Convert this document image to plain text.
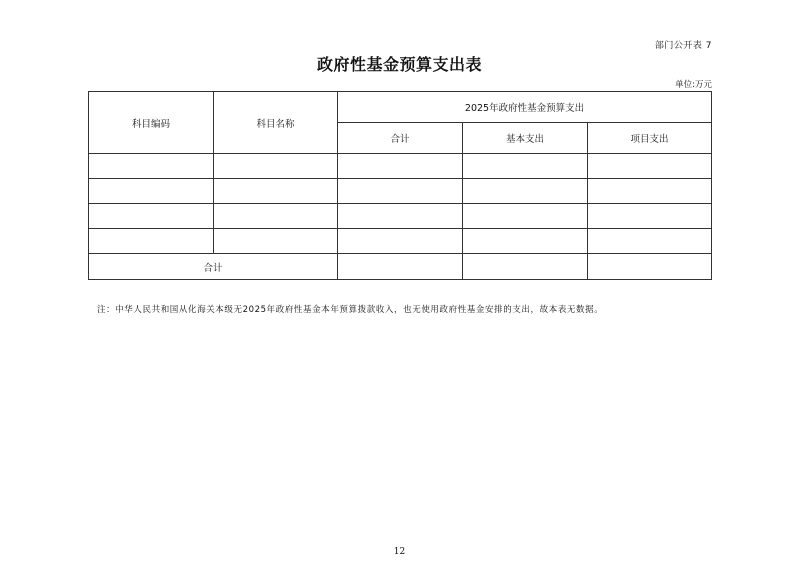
部门公开表 7
政府性基金预算支出表
单位:万元
科目编码	科目名称	2025年政府性基金预算支出		
		合计	基本支出	项目支出

合计				
注：中华人民共和国从化海关本级无2025年政府性基金本年预算拨款收入，也无使用政府性基金安排的支出，故本表无数据。
12
